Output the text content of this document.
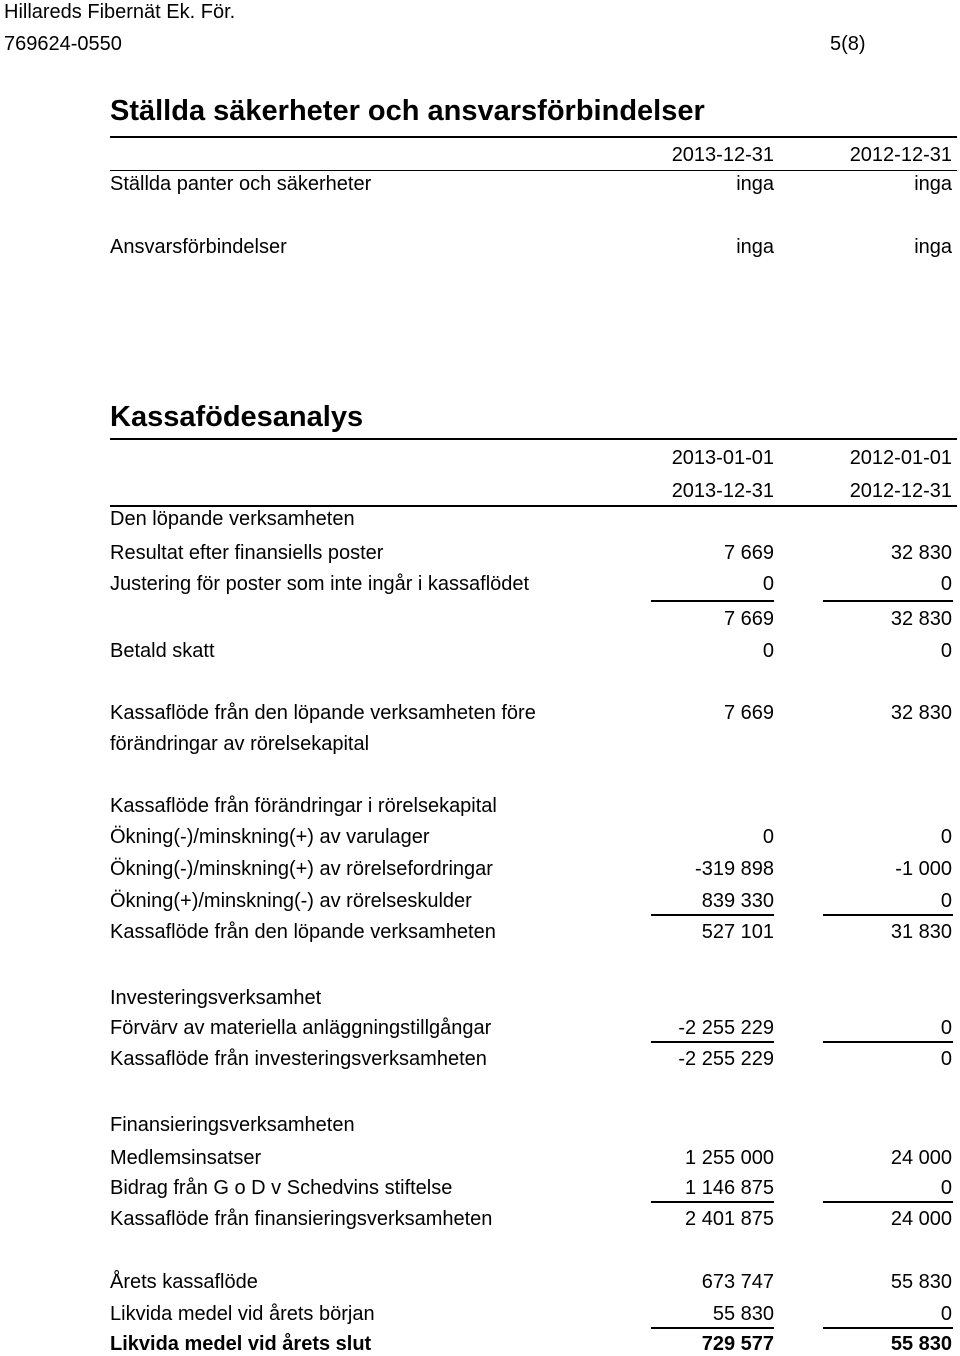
Hillareds Fibernät Ek. För.
769624-0550	5(8)
Ställda säkerheter och ansvarsförbindelser
2013-12-31	2012-12-31
Ställda panter och säkerheter	inga	inga
Ansvarsförbindelser	inga	inga
Kassafödesanalys
2013-01-01	2012-01-01
2013-12-31	2012-12-31
Den löpande verksamheten
Resultat efter finansiells poster	7 669	32 830
Justering för poster som inte ingår i kassaflödet	0	0
7 669	32 830
Betald skatt	0	0
Kassaflöde från den löpande verksamheten före
förändringar av rörelsekapital
7 669	32 830
Kassaflöde från förändringar i rörelsekapital
Ökning(-)/minskning(+) av varulager	0	0
Ökning(-)/minskning(+) av rörelsefordringar	-319 898	-1 000
Ökning(+)/minskning(-) av rörelseskulder	839 330	0
Kassaflöde från den löpande verksamheten	527 101	31 830
Investeringsverksamhet
Förvärv av materiella anläggningstillgångar	-2 255 229	0
Kassaflöde från investeringsverksamheten	-2 255 229	0
Finansieringsverksamheten
Medlemsinsatser	1 255 000	24 000
Bidrag från G o D v Schedvins stiftelse	1 146 875	0
Kassaflöde från finansieringsverksamheten	2 401 875	24 000
Årets kassaflöde	673 747	55 830
Likvida medel vid årets början	55 830	0
Likvida medel vid årets slut	729 577	55 830
